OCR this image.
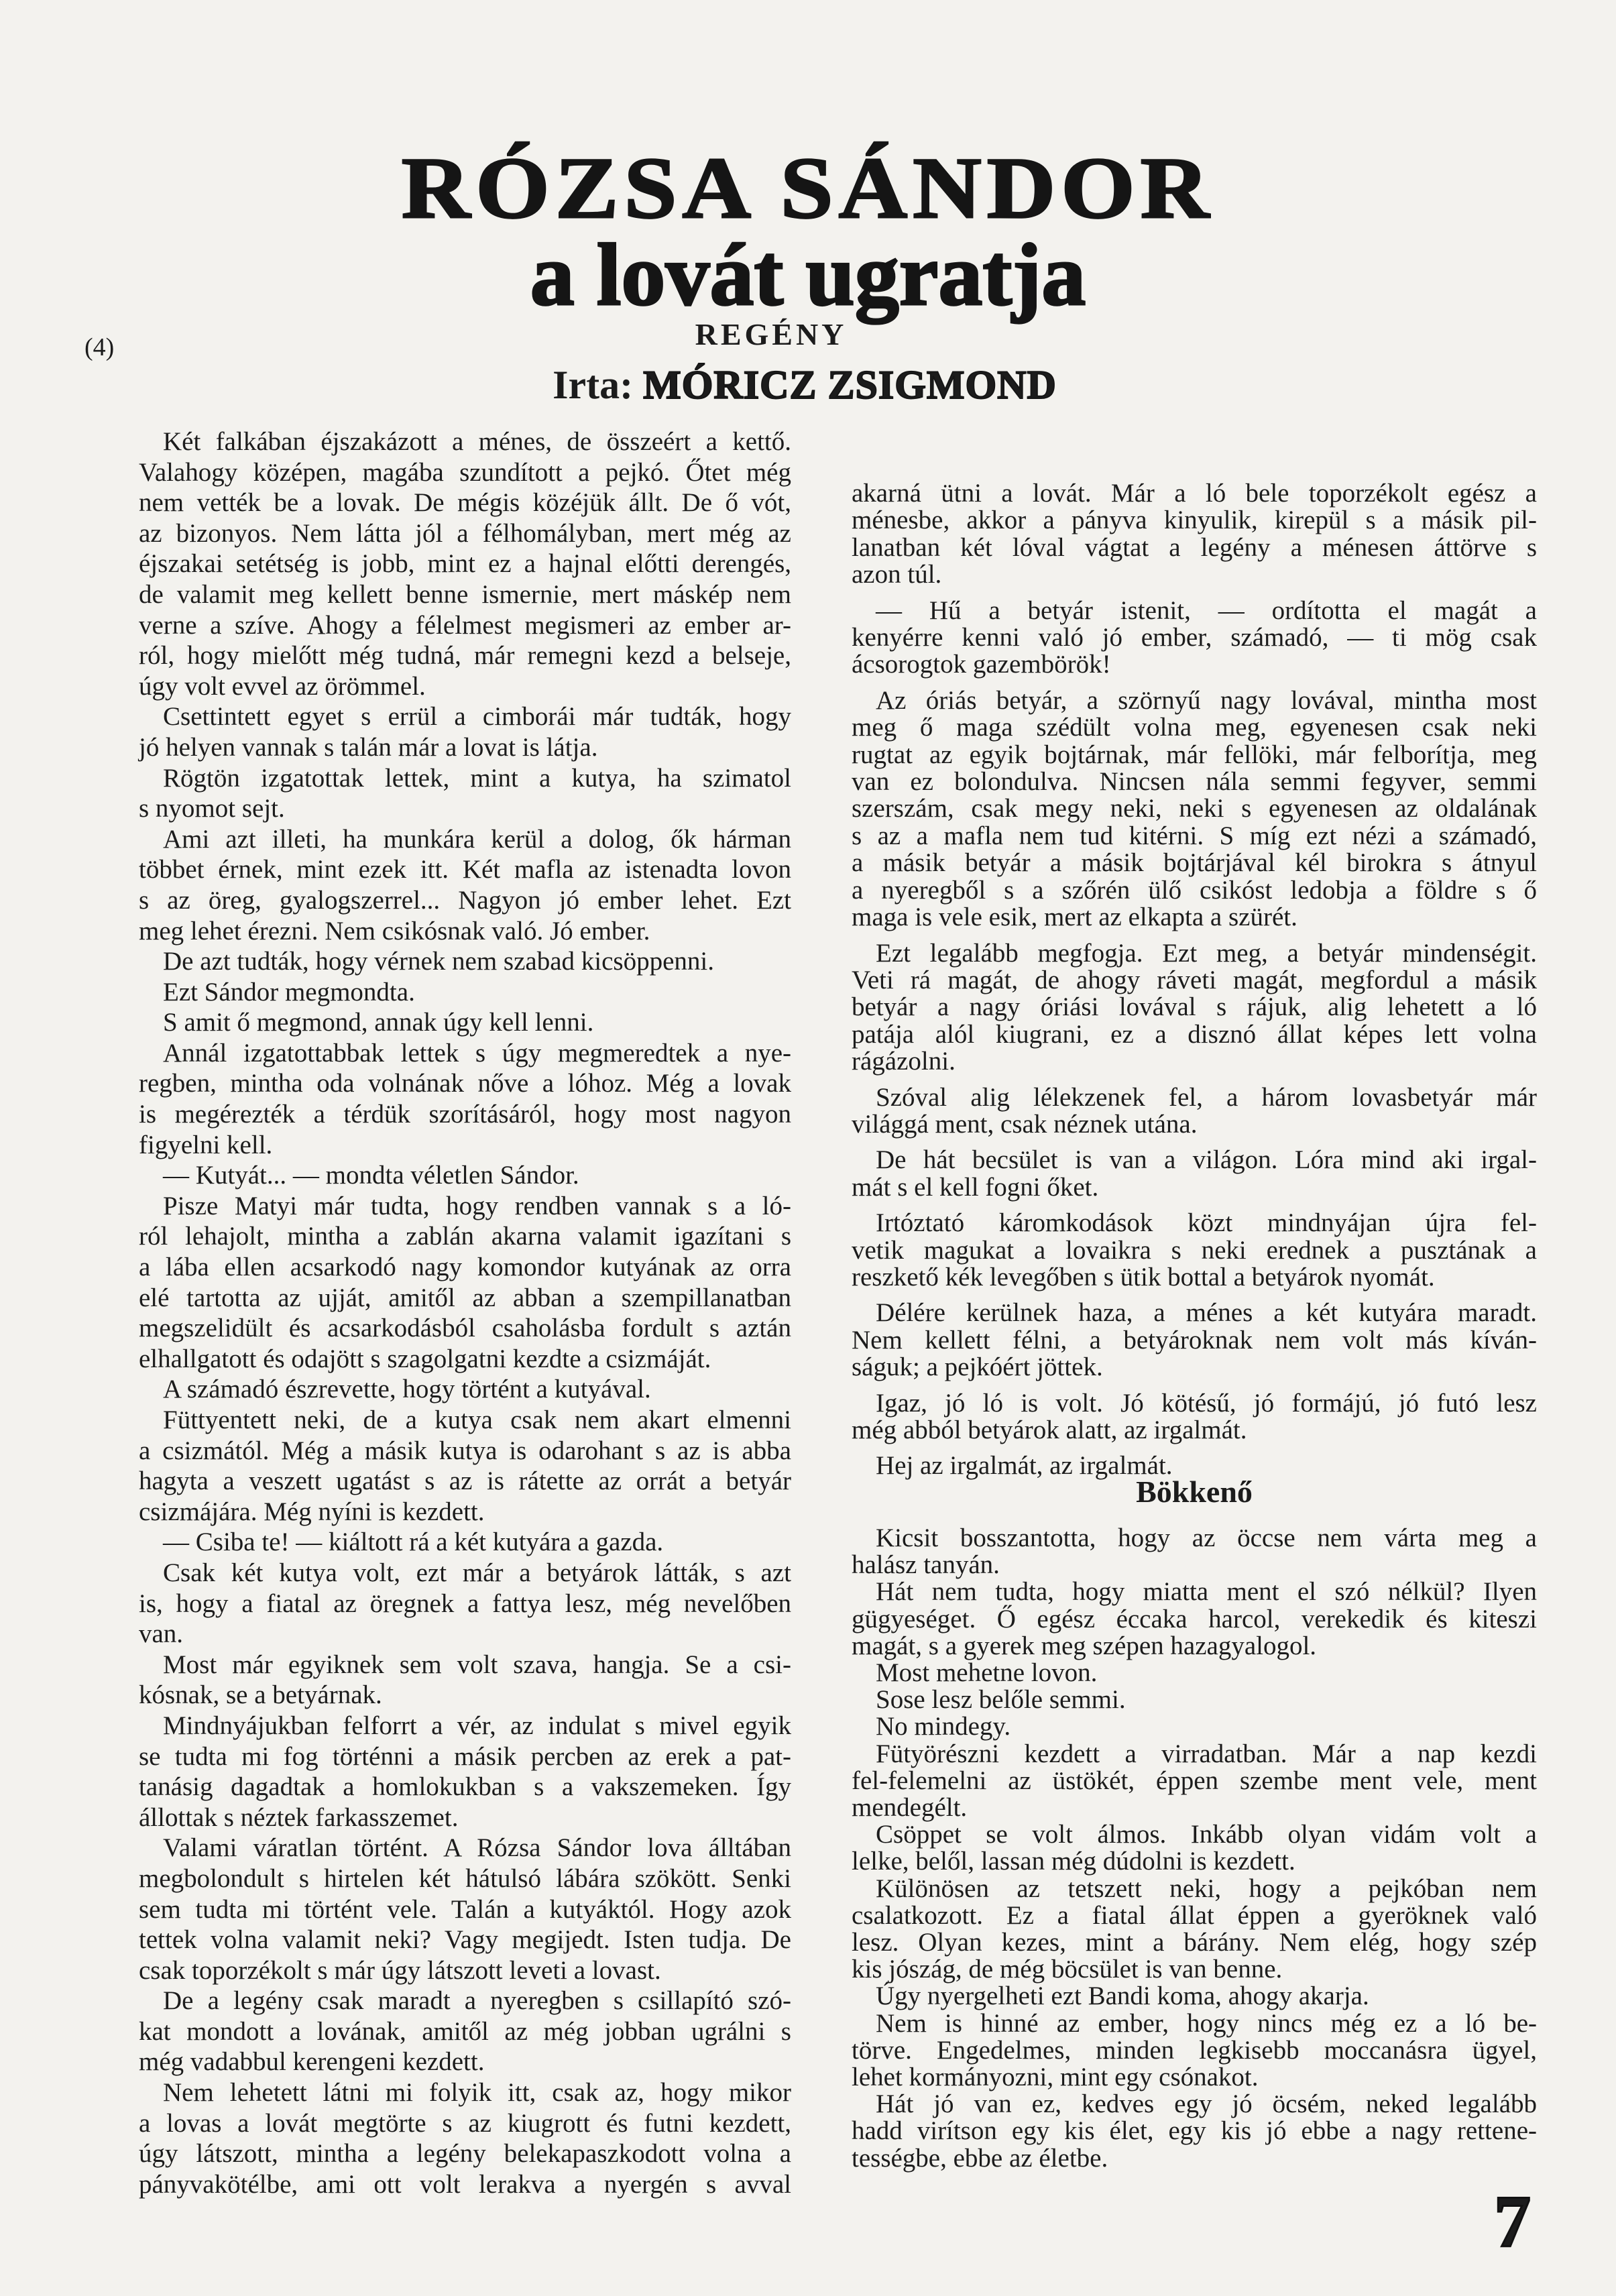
RÓZSA SÁNDOR
a lovát ugratja
(4)	REGÉNY
Irta: MÓRICZ ZSIGMOND
Két falkában éjszakázott a ménes, de összeért a kettő.
Valahogy középen, magába szundított a pejkó. Őtet még
nem vették be a lovak. De mégis közéjük állt. De ő vót,
az bizonyos. Nem látta jól a félhomályban, mert még az
éjszakai setétség is jobb, mint ez a hajnal előtti derengés,
de valamit meg kellett benne ismernie, mert máskép nem
verne a szíve. Ahogy a félelmest megismeri az ember ar-
ról, hogy mielőtt még tudná, már remegni kezd a belseje,
úgy volt evvel az örömmel.
Csettintett egyet s errül a cimborái már tudták, hogy
jó helyen vannak s talán már a lovat is látja.
Rögtön izgatottak lettek, mint a kutya, ha szimatol
s nyomot sejt.
Ami azt illeti, ha munkára kerül a dolog, ők hárman
többet érnek, mint ezek itt. Két mafla az istenadta lovon
s az öreg, gyalogszerrel... Nagyon jó ember lehet. Ezt
meg lehet érezni. Nem csikósnak való. Jó ember.
De azt tudták, hogy vérnek nem szabad kicsöppenni.
Ezt Sándor megmondta.
S amit ő megmond, annak úgy kell lenni.
Annál izgatottabbak lettek s úgy megmeredtek a nye-
regben, mintha oda volnának nőve a lóhoz. Még a lovak
is megérezték a térdük szorításáról, hogy most nagyon
figyelni kell.
— Kutyát... — mondta véletlen Sándor.
Pisze Matyi már tudta, hogy rendben vannak s a ló-
ról lehajolt, mintha a zablán akarna valamit igazítani s
a lába ellen acsarkodó nagy komondor kutyának az orra
elé tartotta az ujját, amitől az abban a szempillanatban
megszelidült és acsarkodásból csaholásba fordult s aztán
elhallgatott és odajött s szagolgatni kezdte a csizmáját.
A számadó észrevette, hogy történt a kutyával.
Füttyentett neki, de a kutya csak nem akart elmenni
a csizmától. Még a másik kutya is odarohant s az is abba
hagyta a veszett ugatást s az is rátette az orrát a betyár
csizmájára. Még nyíni is kezdett.
— Csiba te! — kiáltott rá a két kutyára a gazda.
Csak két kutya volt, ezt már a betyárok látták, s azt
is, hogy a fiatal az öregnek a fattya lesz, még nevelőben
van.
Most már egyiknek sem volt szava, hangja. Se a csi-
kósnak, se a betyárnak.
Mindnyájukban felforrt a vér, az indulat s mivel egyik
se tudta mi fog történni a másik percben az erek a pat-
tanásig dagadtak a homlokukban s a vakszemeken. Így
állottak s néztek farkasszemet.
Valami váratlan történt. A Rózsa Sándor lova álltában
megbolondult s hirtelen két hátulsó lábára szökött. Senki
sem tudta mi történt vele. Talán a kutyáktól. Hogy azok
tettek volna valamit neki? Vagy megijedt. Isten tudja. De
csak toporzékolt s már úgy látszott leveti a lovast.
De a legény csak maradt a nyeregben s csillapító szó-
kat mondott a lovának, amitől az még jobban ugrálni s
még vadabbul kerengeni kezdett.
Nem lehetett látni mi folyik itt, csak az, hogy mikor
a lovas a lovát megtörte s az kiugrott és futni kezdett,
úgy látszott, mintha a legény belekapaszkodott volna a
pányvakötélbe, ami ott volt lerakva a nyergén s avval
akarná ütni a lovát. Már a ló bele toporzékolt egész a
ménesbe, akkor a pányva kinyulik, kirepül s a másik pil-
lanatban két lóval vágtat a legény a ménesen áttörve s
azon túl.
— Hű a betyár istenit, — ordította el magát a
kenyérre kenni való jó ember, számadó, — ti mög csak
ácsorogtok gazembörök!
Az óriás betyár, a szörnyű nagy lovával, mintha most
meg ő maga szédült volna meg, egyenesen csak neki
rugtat az egyik bojtárnak, már fellöki, már felborítja, meg
van ez bolondulva. Nincsen nála semmi fegyver, semmi
szerszám, csak megy neki, neki s egyenesen az oldalának
s az a mafla nem tud kitérni. S míg ezt nézi a számadó,
a másik betyár a másik bojtárjával kél birokra s átnyul
a nyeregből s a szőrén ülő csikóst ledobja a földre s ő
maga is vele esik, mert az elkapta a szürét.
Ezt legalább megfogja. Ezt meg, a betyár mindenségit.
Veti rá magát, de ahogy ráveti magát, megfordul a másik
betyár a nagy óriási lovával s rájuk, alig lehetett a ló
patája alól kiugrani, ez a disznó állat képes lett volna
rágázolni.
Szóval alig lélekzenek fel, a három lovasbetyár már
világgá ment, csak néznek utána.
De hát becsület is van a világon. Lóra mind aki irgal-
mát s el kell fogni őket.
Irtóztató káromkodások közt mindnyájan újra fel-
vetik magukat a lovaikra s neki erednek a pusztának a
reszkető kék levegőben s ütik bottal a betyárok nyomát.
Délére kerülnek haza, a ménes a két kutyára maradt.
Nem kellett félni, a betyároknak nem volt más kíván-
ságuk; a pejkóért jöttek.
Igaz, jó ló is volt. Jó kötésű, jó formájú, jó futó lesz
még abból betyárok alatt, az irgalmát.
Hej az irgalmát, az irgalmát.
Bökkenő
Kicsit bosszantotta, hogy az öccse nem várta meg a
halász tanyán.
Hát nem tudta, hogy miatta ment el szó nélkül? Ilyen
gügyeséget. Ő egész éccaka harcol, verekedik és kiteszi
magát, s a gyerek meg szépen hazagyalogol.
Most mehetne lovon.
Sose lesz belőle semmi.
No mindegy.
Fütyörészni kezdett a virradatban. Már a nap kezdi
fel-felemelni az üstökét, éppen szembe ment vele, ment
mendegélt.
Csöppet se volt álmos. Inkább olyan vidám volt a
lelke, belől, lassan még dúdolni is kezdett.
Különösen az tetszett neki, hogy a pejkóban nem
csalatkozott. Ez a fiatal állat éppen a gyeröknek való
lesz. Olyan kezes, mint a bárány. Nem elég, hogy szép
kis jószág, de még böcsület is van benne.
Úgy nyergelheti ezt Bandi koma, ahogy akarja.
Nem is hinné az ember, hogy nincs még ez a ló be-
törve. Engedelmes, minden legkisebb moccanásra ügyel,
lehet kormányozni, mint egy csónakot.
Hát jó van ez, kedves egy jó öcsém, neked legalább
hadd virítson egy kis élet, egy kis jó ebbe a nagy rettene-
tességbe, ebbe az életbe.
7
